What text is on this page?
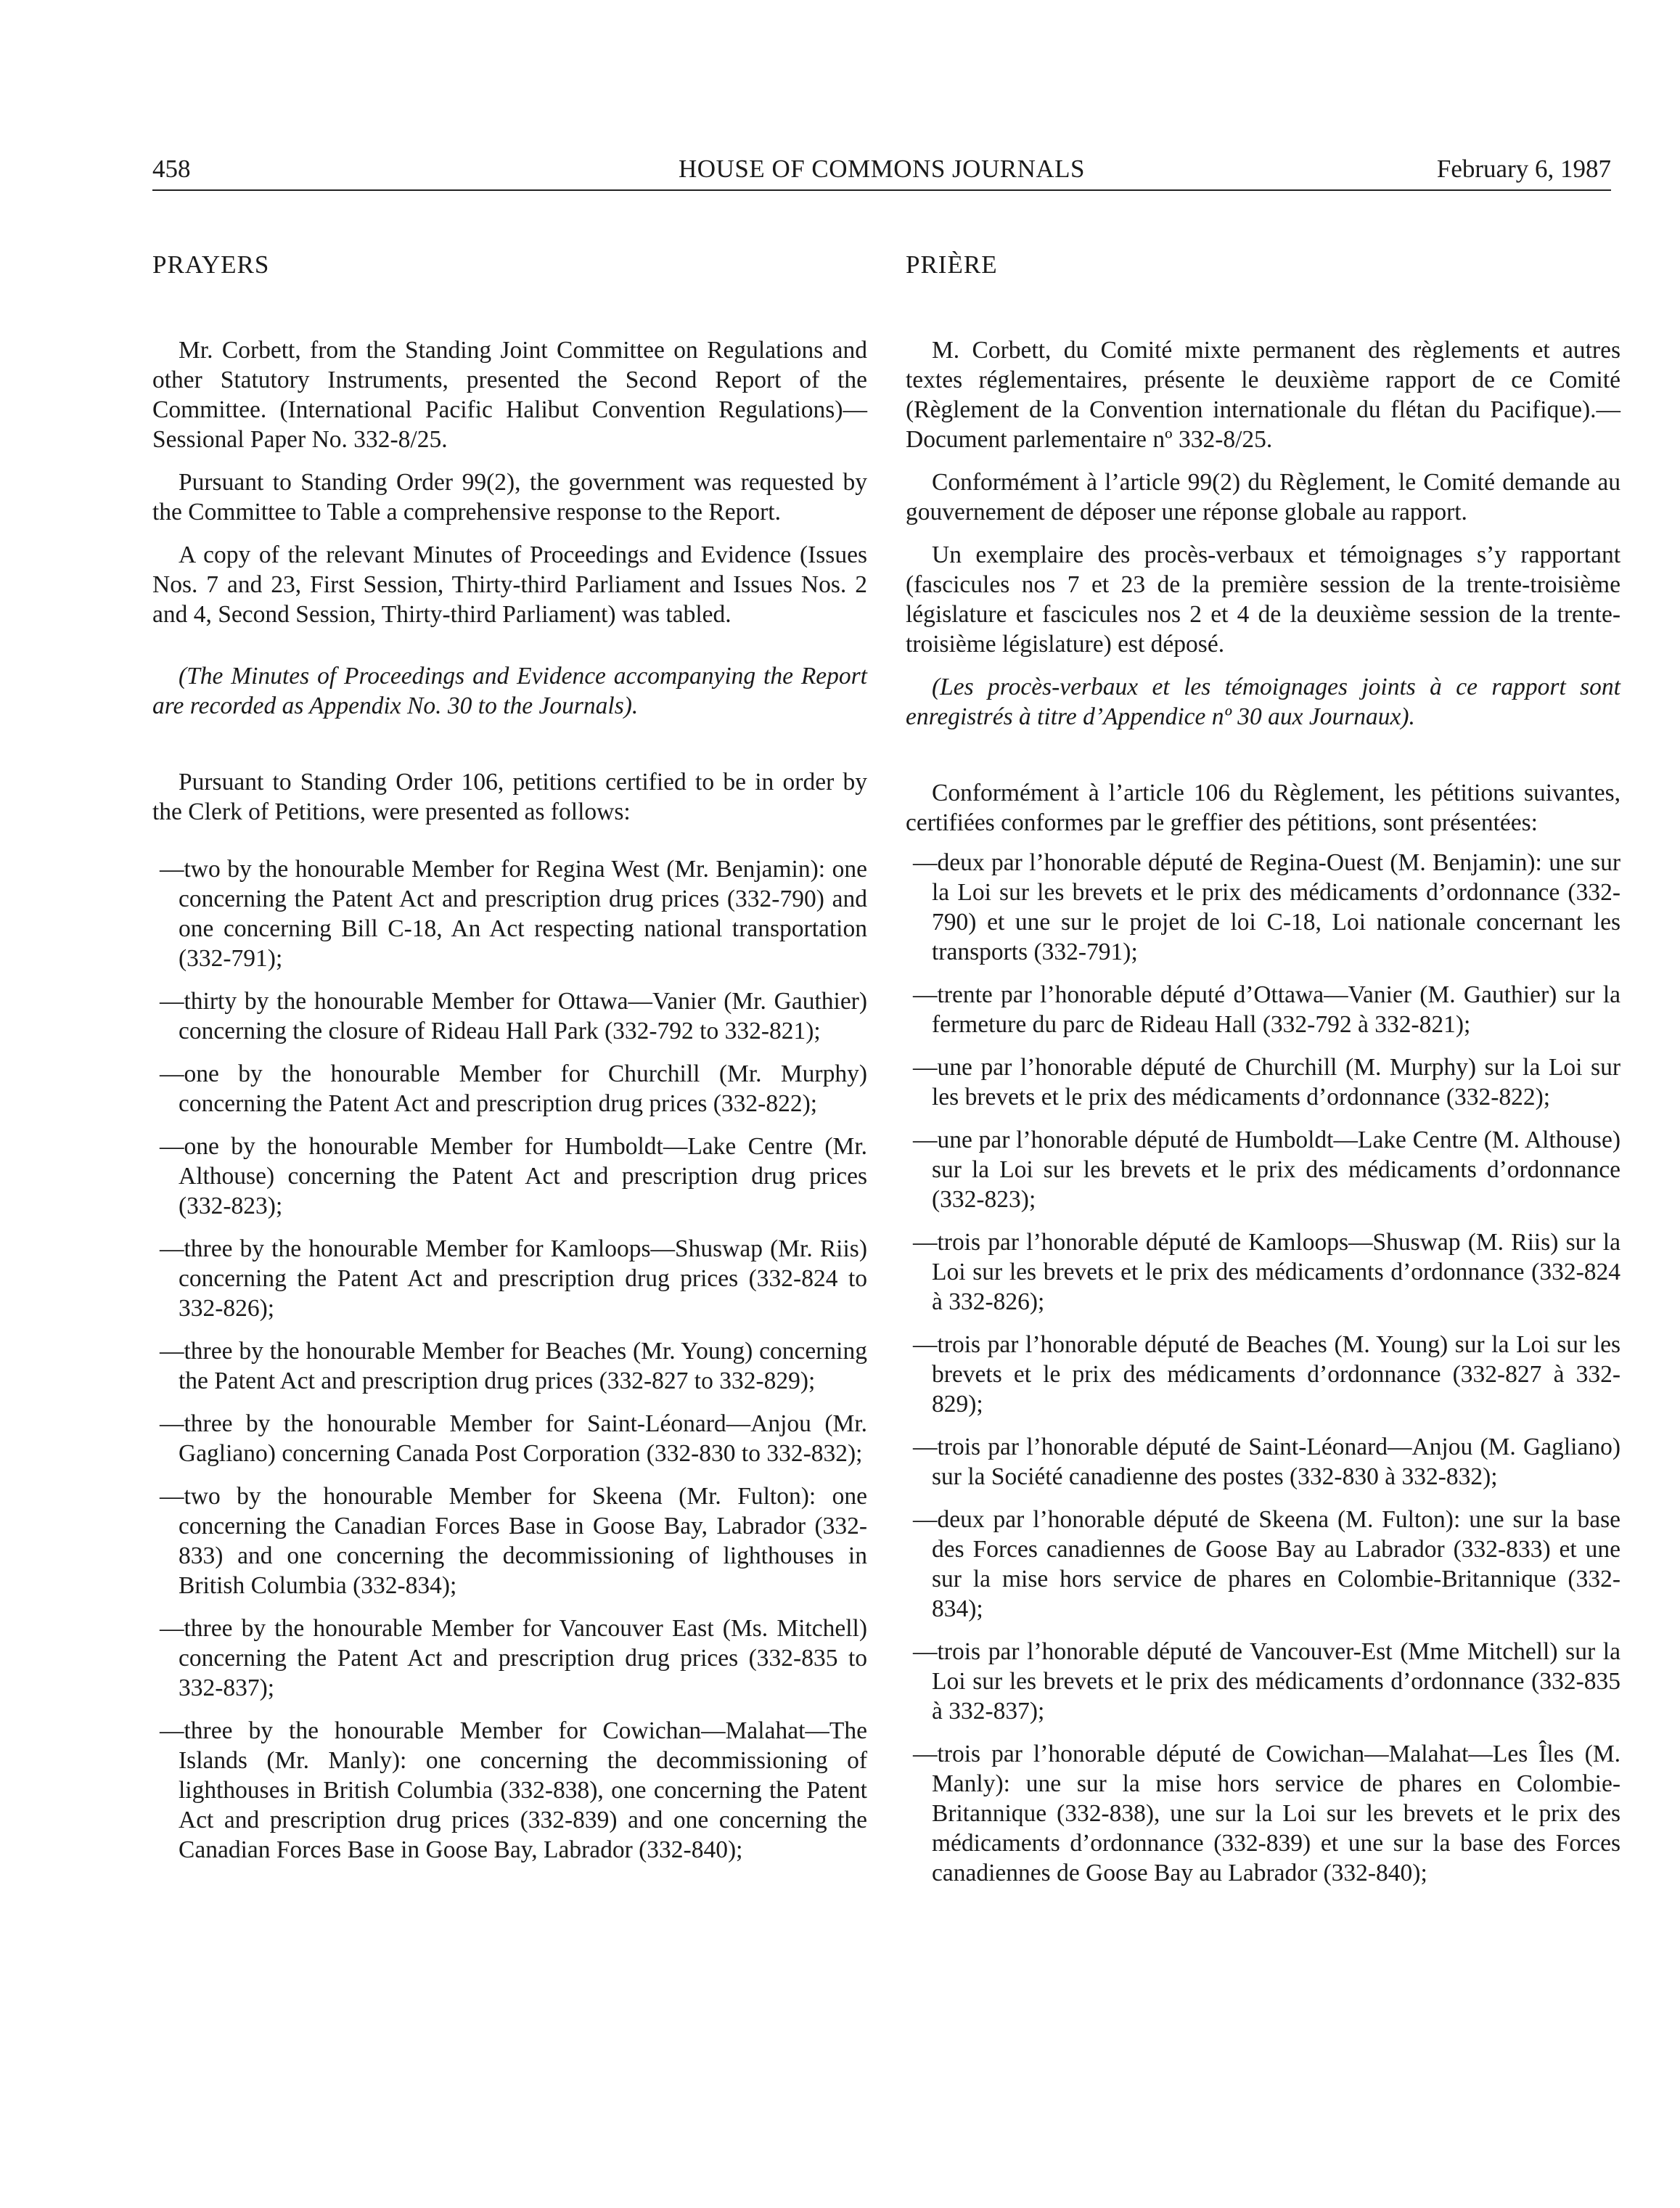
458	HOUSE OF COMMONS JOURNALS	February 6, 1987
PRAYERS

Mr. Corbett, from the Standing Joint Committee on Regulations and other Statutory Instruments, presented the Second Report of the Committee. (International Pacific Halibut Convention Regulations)—Sessional Paper No. 332-8/25.

Pursuant to Standing Order 99(2), the government was requested by the Committee to Table a comprehensive response to the Report.

A copy of the relevant Minutes of Proceedings and Evidence (Issues Nos. 7 and 23, First Session, Thirty-third Parliament and Issues Nos. 2 and 4, Second Session, Thirty-third Parliament) was tabled.

(The Minutes of Proceedings and Evidence accompanying the Report are recorded as Appendix No. 30 to the Journals).

Pursuant to Standing Order 106, petitions certified to be in order by the Clerk of Petitions, were presented as follows:

—two by the honourable Member for Regina West (Mr. Benjamin): one concerning the Patent Act and prescription drug prices (332-790) and one concerning Bill C-18, An Act respecting national transportation (332-791);

—thirty by the honourable Member for Ottawa—Vanier (Mr. Gauthier) concerning the closure of Rideau Hall Park (332-792 to 332-821);

—one by the honourable Member for Churchill (Mr. Murphy) concerning the Patent Act and prescription drug prices (332-822);

—one by the honourable Member for Humboldt—Lake Centre (Mr. Althouse) concerning the Patent Act and prescription drug prices (332-823);

—three by the honourable Member for Kamloops—Shuswap (Mr. Riis) concerning the Patent Act and prescription drug prices (332-824 to 332-826);

—three by the honourable Member for Beaches (Mr. Young) concerning the Patent Act and prescription drug prices (332-827 to 332-829);

—three by the honourable Member for Saint-Léonard—Anjou (Mr. Gagliano) concerning Canada Post Corporation (332-830 to 332-832);

—two by the honourable Member for Skeena (Mr. Fulton): one concerning the Canadian Forces Base in Goose Bay, Labrador (332-833) and one concerning the decommissioning of lighthouses in British Columbia (332-834);

—three by the honourable Member for Vancouver East (Ms. Mitchell) concerning the Patent Act and prescription drug prices (332-835 to 332-837);

—three by the honourable Member for Cowichan—Malahat—The Islands (Mr. Manly): one concerning the decommissioning of lighthouses in British Columbia (332-838), one concerning the Patent Act and prescription drug prices (332-839) and one concerning the Canadian Forces Base in Goose Bay, Labrador (332-840);

PRIÈRE

M. Corbett, du Comité mixte permanent des règlements et autres textes réglementaires, présente le deuxième rapport de ce Comité (Règlement de la Convention internationale du flétan du Pacifique).—Document parlementaire nº 332-8/25.

Conformément à l’article 99(2) du Règlement, le Comité demande au gouvernement de déposer une réponse globale au rapport.

Un exemplaire des procès-verbaux et témoignages s’y rapportant (fascicules nos 7 et 23 de la première session de la trente-troisième législature et fascicules nos 2 et 4 de la deuxième session de la trente-troisième législature) est déposé.

(Les procès-verbaux et les témoignages joints à ce rapport sont enregistrés à titre d’Appendice nº 30 aux Journaux).

Conformément à l’article 106 du Règlement, les pétitions suivantes, certifiées conformes par le greffier des pétitions, sont présentées:

—deux par l’honorable député de Regina-Ouest (M. Benjamin): une sur la Loi sur les brevets et le prix des médicaments d’ordonnance (332-790) et une sur le projet de loi C-18, Loi nationale concernant les transports (332-791);

—trente par l’honorable député d’Ottawa—Vanier (M. Gauthier) sur la fermeture du parc de Rideau Hall (332-792 à 332-821);

—une par l’honorable député de Churchill (M. Murphy) sur la Loi sur les brevets et le prix des médicaments d’ordonnance (332-822);

—une par l’honorable député de Humboldt—Lake Centre (M. Althouse) sur la Loi sur les brevets et le prix des médicaments d’ordonnance (332-823);

—trois par l’honorable député de Kamloops—Shuswap (M. Riis) sur la Loi sur les brevets et le prix des médicaments d’ordonnance (332-824 à 332-826);

—trois par l’honorable député de Beaches (M. Young) sur la Loi sur les brevets et le prix des médicaments d’ordonnance (332-827 à 332-829);

—trois par l’honorable député de Saint-Léonard—Anjou (M. Gagliano) sur la Société canadienne des postes (332-830 à 332-832);

—deux par l’honorable député de Skeena (M. Fulton): une sur la base des Forces canadiennes de Goose Bay au Labrador (332-833) et une sur la mise hors service de phares en Colombie-Britannique (332-834);

—trois par l’honorable député de Vancouver-Est (Mme Mitchell) sur la Loi sur les brevets et le prix des médicaments d’ordonnance (332-835 à 332-837);

—trois par l’honorable député de Cowichan—Malahat—Les Îles (M. Manly): une sur la mise hors service de phares en Colombie-Britannique (332-838), une sur la Loi sur les brevets et le prix des médicaments d’ordonnance (332-839) et une sur la base des Forces canadiennes de Goose Bay au Labrador (332-840);
